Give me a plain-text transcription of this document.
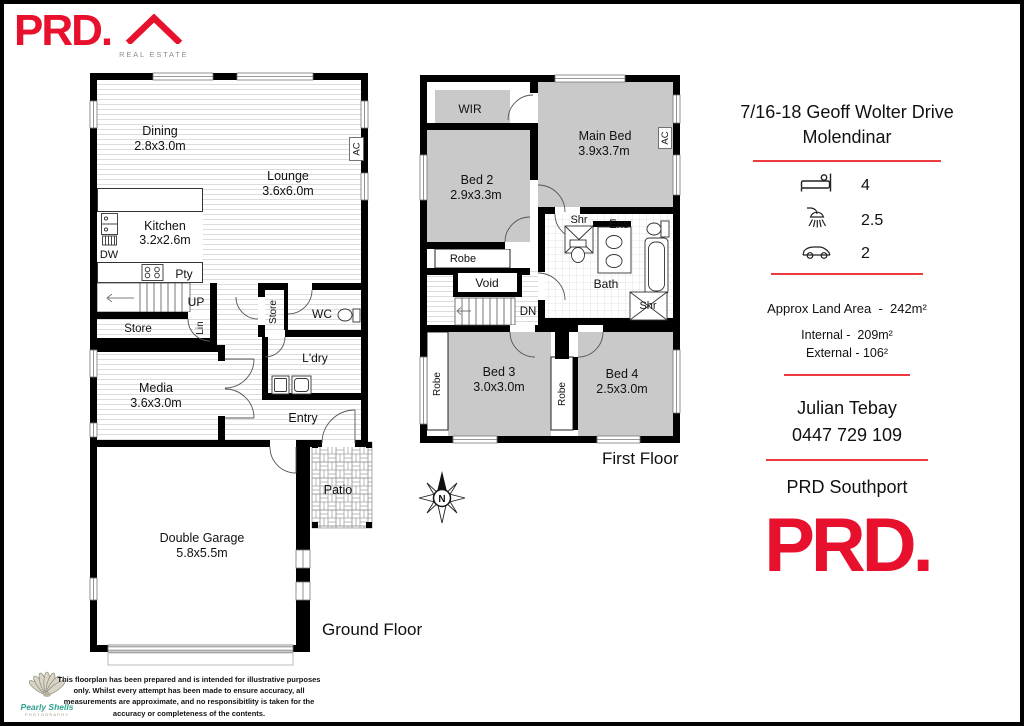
PRD. REAL ESTATE
Dining
2.8x3.0m
Lounge
3.6x6.0m
Kitchen
3.2x2.6m
DW
Pty
UP
Store	Lin
Store	WC
L'dry
Media
3.6x3.0m
Entry
Patio
Double Garage
5.8x5.5m
AC
WIR
Main Bed
3.9x3.7m
Bed 2
2.9x3.3m
Robe
Void
DN
Shr Ens
Bath
Shr
Bed 3
3.0x3.0m
Bed 4
2.5x3.0m
Robe	Robe
AC
Ground Floor
First Floor
N
7/16-18 Geoff Wolter Drive
Molendinar
4
2.5
2
Approx Land Area  -  242m²
Internal -  209m²
External - 106²
Julian Tebay
0447 729 109
PRD Southport
PRD.
Pearly Shells
PHOTOGRAPHY
This floorplan has been prepared and is intended for illustrative purposes
only. Whilst every attempt has been made to ensure accuracy, all
measurements are approximate, and no responsibitlity is taken for the
accuracy or completeness of the contents.
